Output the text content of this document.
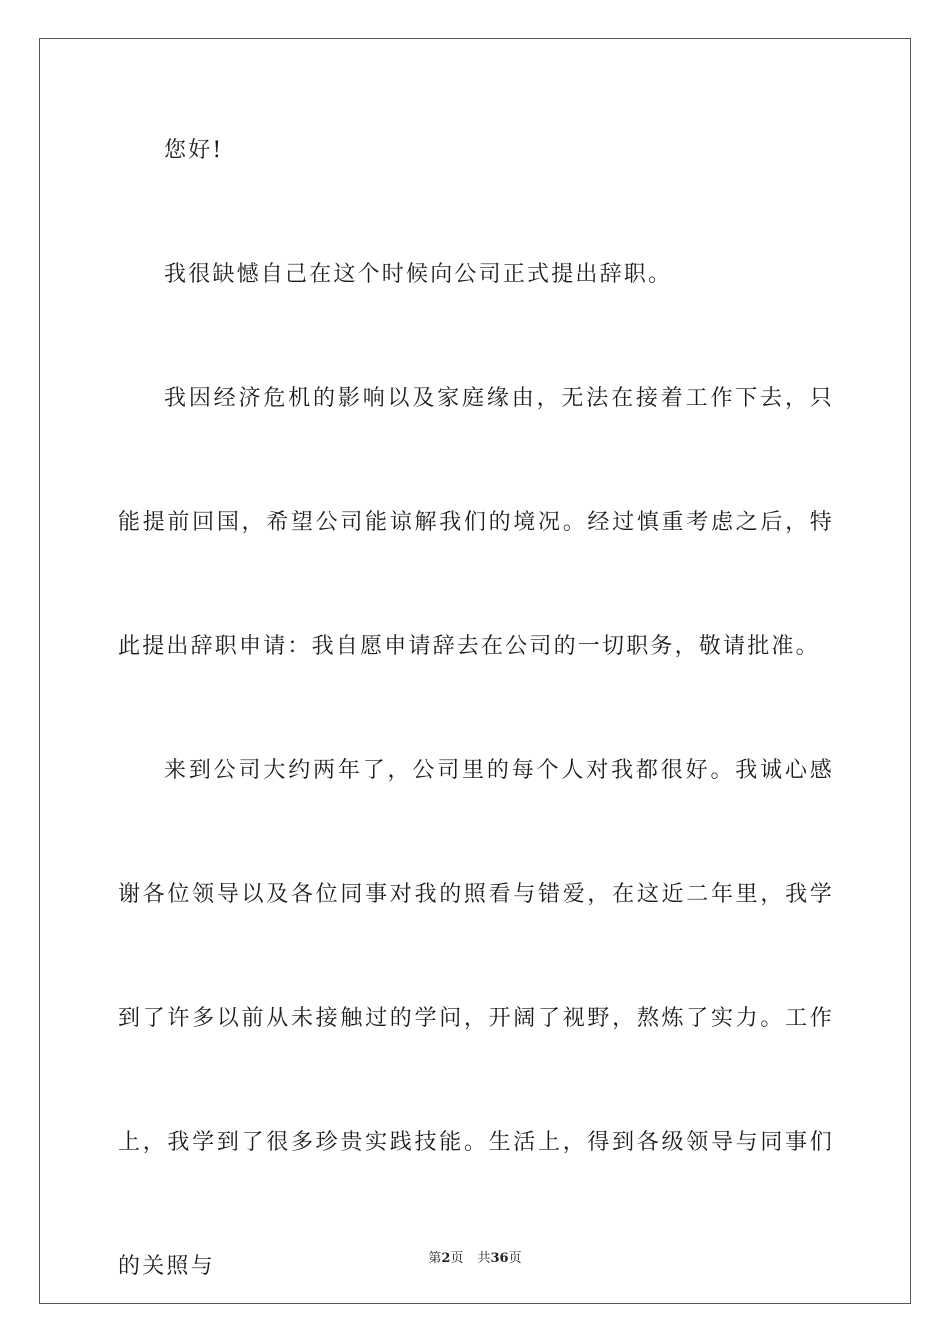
您好!

我很缺憾自己在这个时候向公司正式提出辞职。

我因经济危机的影响以及家庭缘由，无法在接着工作下去，只能提前回国，希望公司能谅解我们的境况。经过慎重考虑之后，特此提出辞职申请：我自愿申请辞去在公司的一切职务，敬请批准。

来到公司大约两年了，公司里的每个人对我都很好。我诚心感谢各位领导以及各位同事对我的照看与错爱，在这近二年里，我学到了许多以前从未接触过的学问，开阔了视野，熬炼了实力。工作上，我学到了很多珍贵实践技能。生活上，得到各级领导与同事们的关照与	第2页 共36页
